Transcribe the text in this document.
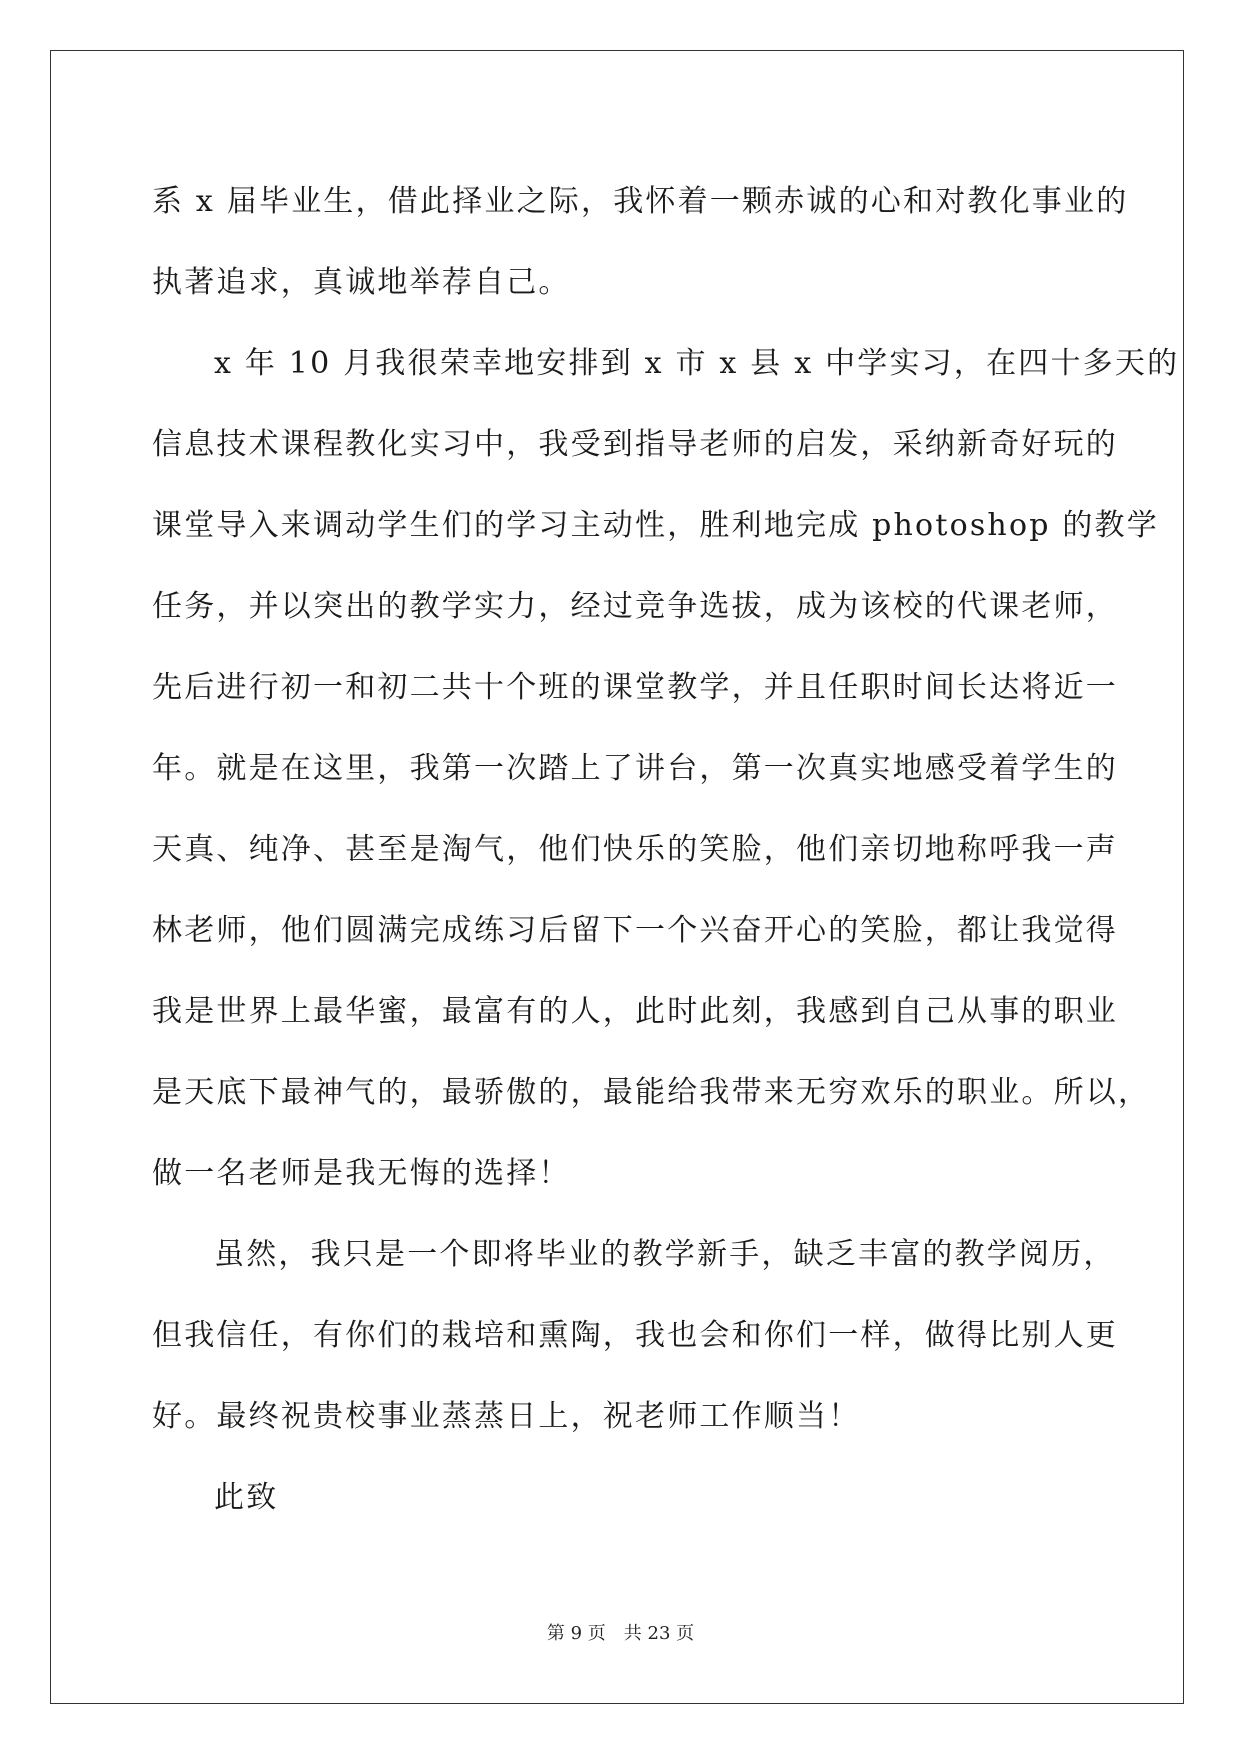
系 x 届毕业生，借此择业之际，我怀着一颗赤诚的心和对教化事业的
执著追求，真诚地举荐自己。
x 年 10 月我很荣幸地安排到 x 市 x 县 x 中学实习，在四十多天的
信息技术课程教化实习中，我受到指导老师的启发，采纳新奇好玩的
课堂导入来调动学生们的学习主动性，胜利地完成 photoshop 的教学
任务，并以突出的教学实力，经过竞争选拔，成为该校的代课老师，
先后进行初一和初二共十个班的课堂教学，并且任职时间长达将近一
年。就是在这里，我第一次踏上了讲台，第一次真实地感受着学生的
天真、纯净、甚至是淘气，他们快乐的笑脸，他们亲切地称呼我一声
林老师，他们圆满完成练习后留下一个兴奋开心的笑脸，都让我觉得
我是世界上最华蜜，最富有的人，此时此刻，我感到自己从事的职业
是天底下最神气的，最骄傲的，最能给我带来无穷欢乐的职业。所以，
做一名老师是我无悔的选择！
虽然，我只是一个即将毕业的教学新手，缺乏丰富的教学阅历，
但我信任，有你们的栽培和熏陶，我也会和你们一样，做得比别人更
好。最终祝贵校事业蒸蒸日上，祝老师工作顺当！
此致
第 9 页　共 23 页
